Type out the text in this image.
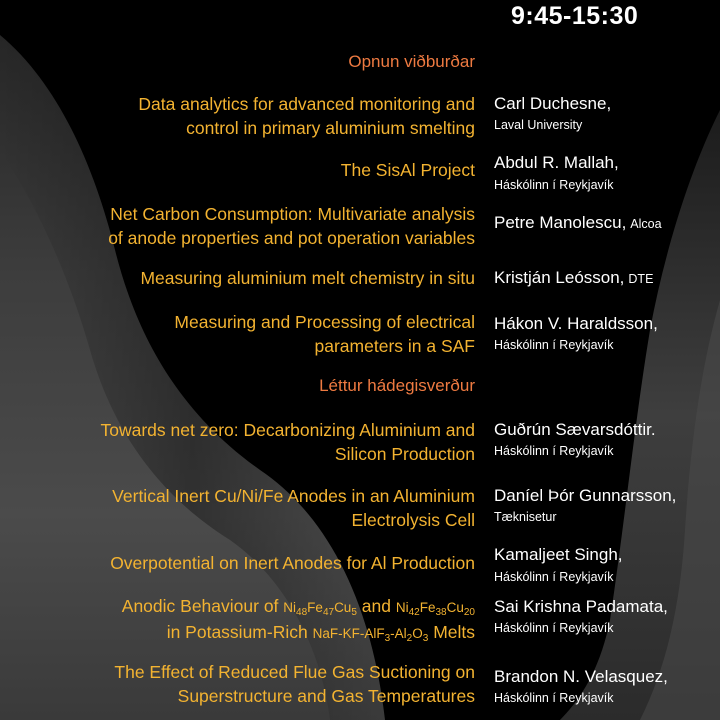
9:45-15:30
Opnun viðburðar
Data analytics for advanced monitoring and
control in primary aluminium smelting
Carl Duchesne,
Laval University
The SisAl Project Abdul R. Mallah,
Háskólinn í Reykjavík
Net Carbon Consumption: Multivariate analysis
of anode properties and pot operation variables
Petre Manolescu, Alcoa
Measuring aluminium melt chemistry in situ Kristján Leósson, DTE
Measuring and Processing of electrical
parameters in a SAF
Hákon V. Haraldsson,
Háskólinn í Reykjavík
Léttur hádegisverður
Towards net zero: Decarbonizing Aluminium and
Silicon Production
Guðrún Sævarsdóttir.
Háskólinn í Reykjavík
Vertical Inert Cu/Ni/Fe Anodes in an Aluminium
Electrolysis Cell
Daníel Þór Gunnarsson,
Tæknisetur
Overpotential on Inert Anodes for Al Production Kamaljeet Singh,
Háskólinn í Reykjavík
Anodic Behaviour of $Ni_{48}Fe_{47}Cu_5$ and $Ni_{42}Fe_{38}Cu_{20}$
in Potassium-Rich NaF-$KF-AlF_3-Al_2O_3$ Melts
Sai Krishna Padamata,
Háskólinn í Reykjavík
The Effect of Reduced Flue Gas Suctioning on
Superstructure and Gas Temperatures
Brandon N. Velasquez,
Háskólinn í Reykjavík
